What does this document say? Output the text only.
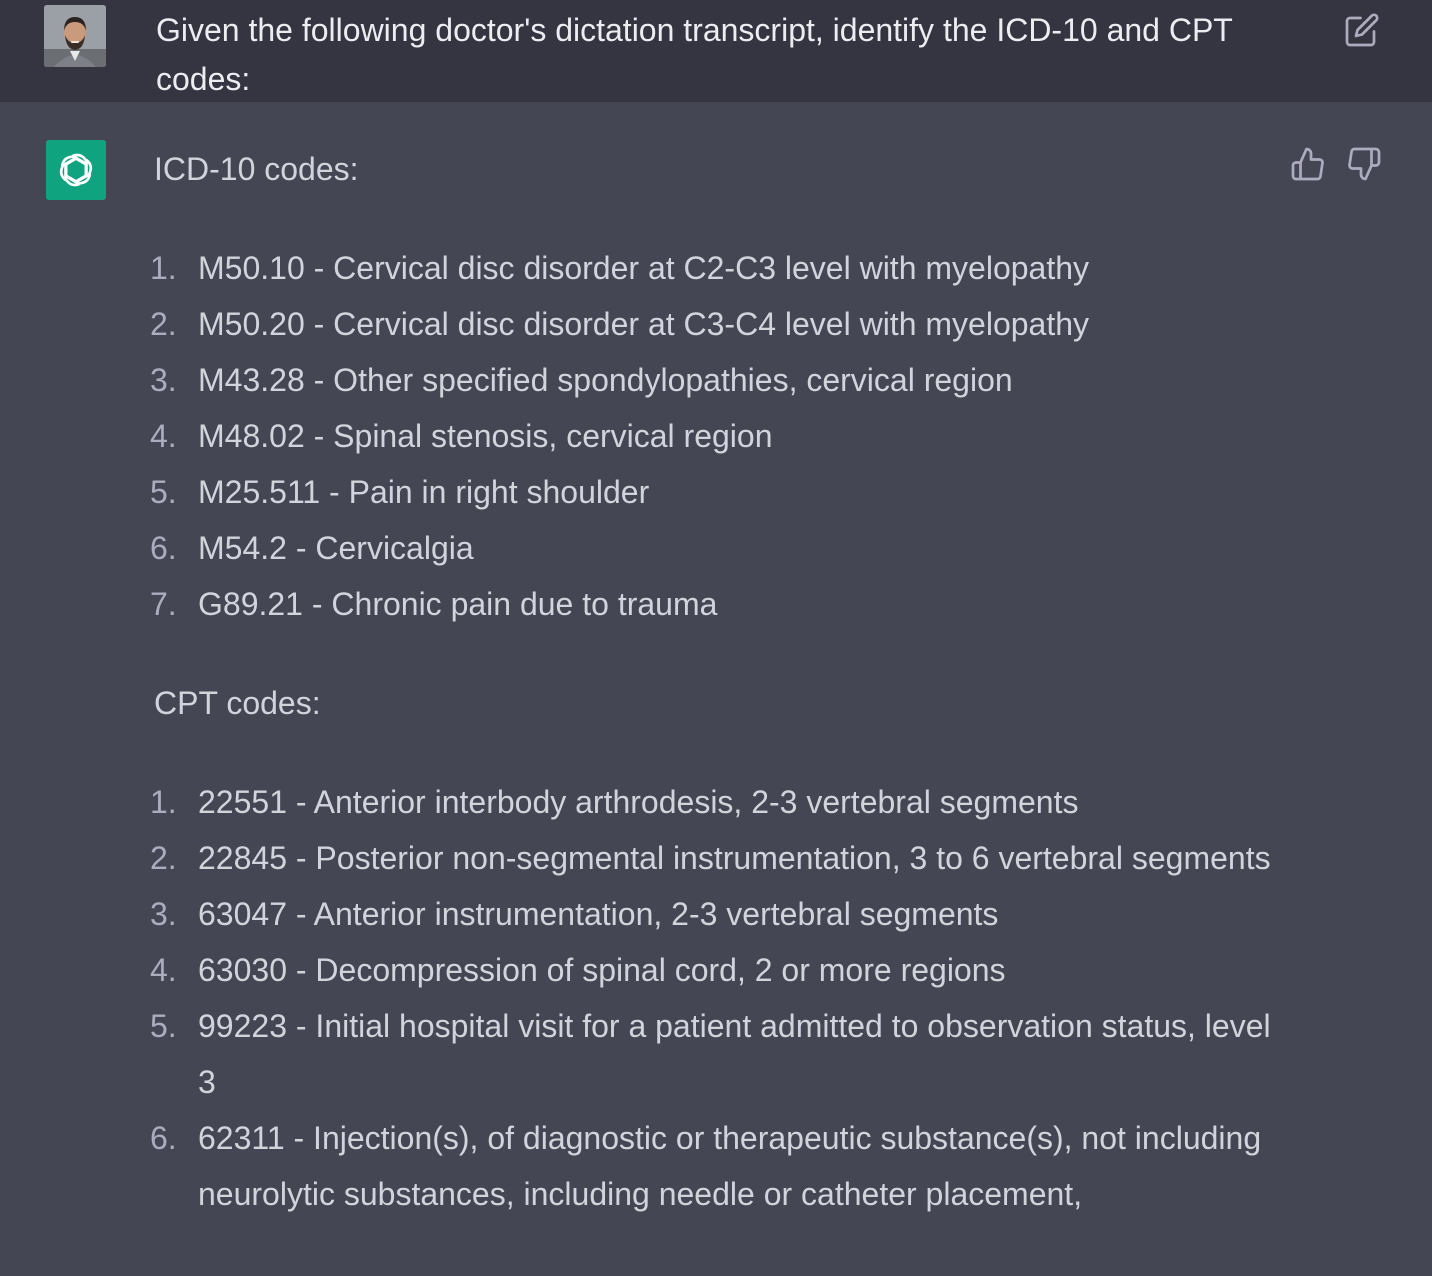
Given the following doctor's dictation transcript, identify the ICD-10 and CPT codes:

ICD-10 codes:

1. M50.10 - Cervical disc disorder at C2-C3 level with myelopathy
2. M50.20 - Cervical disc disorder at C3-C4 level with myelopathy
3. M43.28 - Other specified spondylopathies, cervical region
4. M48.02 - Spinal stenosis, cervical region
5. M25.511 - Pain in right shoulder
6. M54.2 - Cervicalgia
7. G89.21 - Chronic pain due to trauma

CPT codes:

1. 22551 - Anterior interbody arthrodesis, 2-3 vertebral segments
2. 22845 - Posterior non-segmental instrumentation, 3 to 6 vertebral segments
3. 63047 - Anterior instrumentation, 2-3 vertebral segments
4. 63030 - Decompression of spinal cord, 2 or more regions
5. 99223 - Initial hospital visit for a patient admitted to observation status, level 3
6. 62311 - Injection(s), of diagnostic or therapeutic substance(s), not including neurolytic substances, including needle or catheter placement,
